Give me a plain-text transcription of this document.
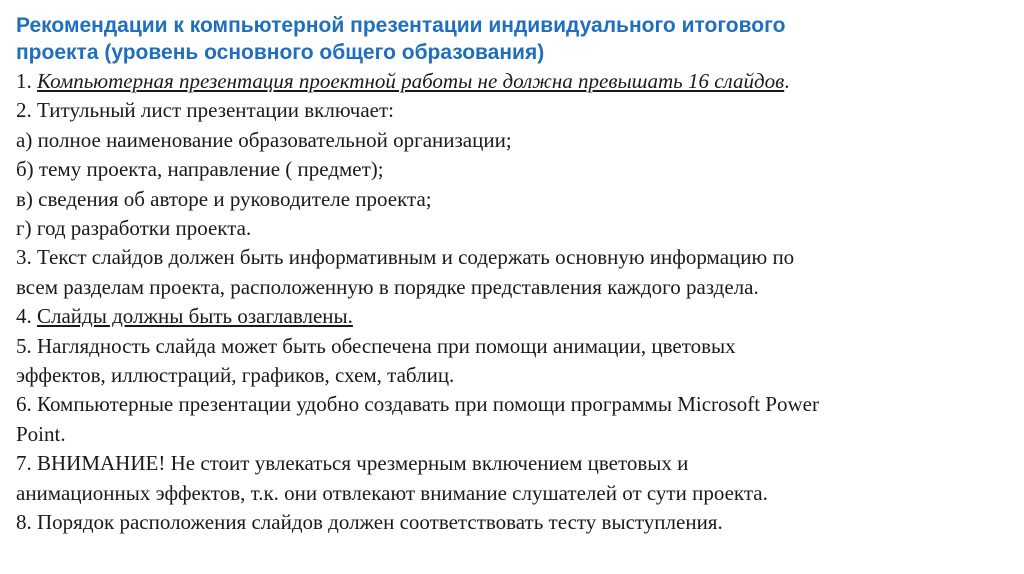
Рекомендации к компьютерной презентации индивидуального итогового
проекта (уровень основного общего образования)
1. Компьютерная презентация проектной работы не должна превышать 16 слайдов.
2. Титульный лист презентации включает:
а) полное наименование образовательной организации;
б) тему проекта, направление ( предмет);
в) сведения об авторе и руководителе проекта;
г) год разработки проекта.
3. Текст слайдов должен быть информативным и содержать основную информацию по
всем разделам проекта, расположенную в порядке представления каждого раздела.
4. Слайды должны быть озаглавлены.
5. Наглядность слайда может быть обеспечена при помощи анимации, цветовых
эффектов, иллюстраций, графиков, схем, таблиц.
6. Компьютерные презентации удобно создавать при помощи программы Microsoft Power
Point.
7. ВНИМАНИЕ! Не стоит увлекаться чрезмерным включением цветовых и
анимационных эффектов, т.к. они отвлекают внимание слушателей от сути проекта.
8. Порядок расположения слайдов должен соответствовать тесту выступления.
